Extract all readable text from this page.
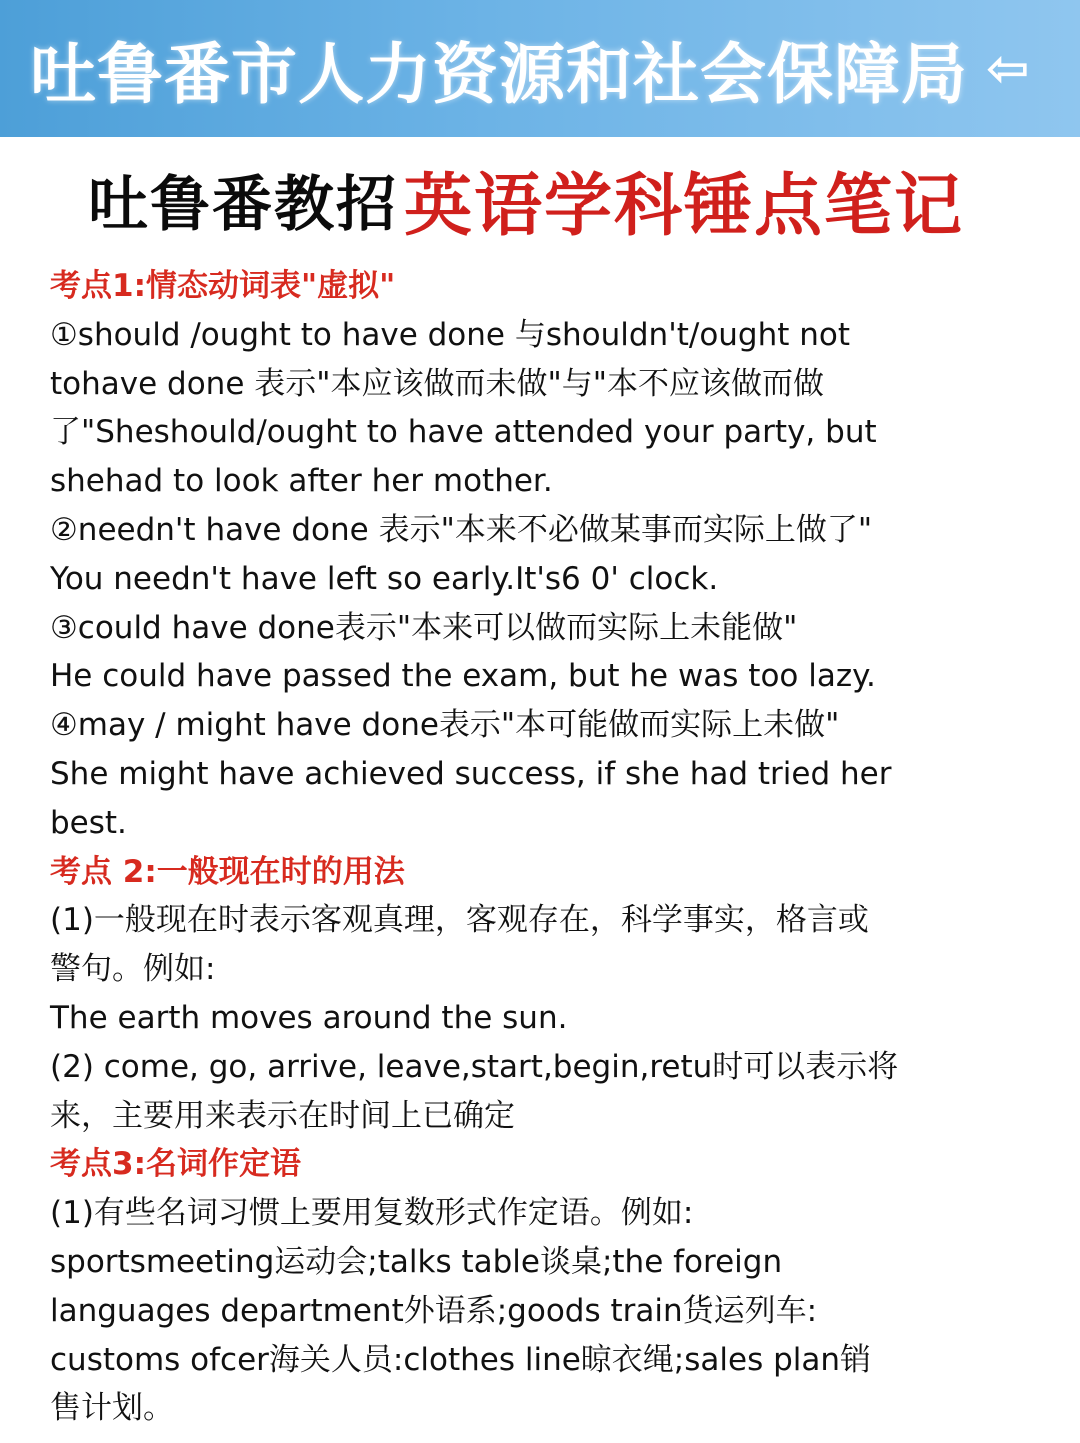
吐鲁番市人力资源和社会保障局 ⇦
吐鲁番教招 英语学科锤点笔记
考点1:情态动词表"虚拟"
①should /ought to have done 与shouldn't/ought not
tohave done 表示"本应该做而未做"与"本不应该做而做
了"Sheshould/ought to have attended your party, but
shehad to look after her mother.
②needn't have done 表示"本来不必做某事而实际上做了"
You needn't have left so early.It's6 0' clock.
③could have done表示"本来可以做而实际上未能做"
He could have passed the exam, but he was too lazy.
④may / might have done表示"本可能做而实际上未做"
She might have achieved success, if she had tried her
best.
考点 2:一般现在时的用法
(1)一般现在时表示客观真理，客观存在，科学事实，格言或
警句。例如:
The earth moves around the sun.
(2) come, go, arrive, leave,start,begin,retu时可以表示将
来，主要用来表示在时间上已确定
考点3:名词作定语
(1)有些名词习惯上要用复数形式作定语。例如:
sportsmeeting运动会;talks table谈桌;the foreign
languages department外语系;goods train货运列车:
customs ofcer海关人员:clothes line晾衣绳;sales plan销
售计划。
